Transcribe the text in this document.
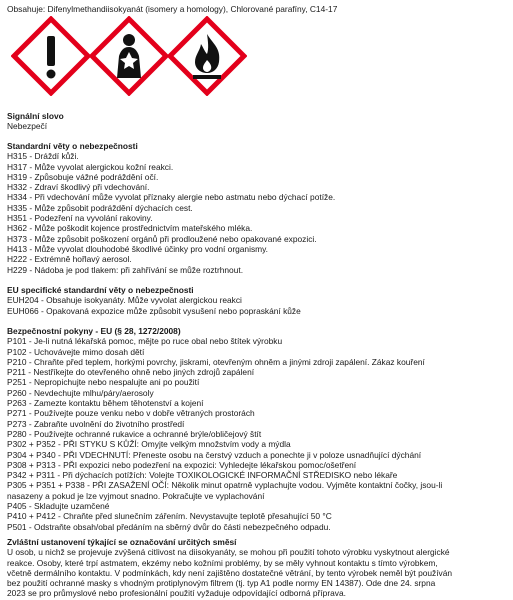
Obsahuje: Difenylmethandiisokyanát (isomery a homology), Chlorované parafíny, C14-17
Signální slovo
Nebezpečí
Standardní věty o nebezpečnosti
H315 - Dráždí kůži.
H317 - Může vyvolat alergickou kožní reakci.
H319 - Způsobuje vážné podráždění očí.
H332 - Zdraví škodlivý při vdechování.
H334 - Při vdechování může vyvolat příznaky alergie nebo astmatu nebo dýchací potíže.
H335 - Může způsobit podráždění dýchacích cest.
H351 - Podezření na vyvolání rakoviny.
H362 - Může poškodit kojence prostřednictvím mateřského mléka.
H373 - Může způsobit poškození orgánů při prodloužené nebo opakované expozici.
H413 - Může vyvolat dlouhodobé škodlivé účinky pro vodní organismy.
H222 - Extrémně hořlavý aerosol.
H229 - Nádoba je pod tlakem: při zahřívání se může roztrhnout.
EU specifické standardní věty o nebezpečnosti
EUH204 - Obsahuje isokyanáty. Může vyvolat alergickou reakci
EUH066 - Opakovaná expozice může způsobit vysušení nebo popraskání kůže
Bezpečnostní pokyny - EU (§ 28, 1272/2008)
P101 - Je-li nutná lékařská pomoc, mějte po ruce obal nebo štítek výrobku
P102 - Uchovávejte mimo dosah dětí
P210 - Chraňte před teplem, horkými povrchy, jiskrami, otevřeným ohněm a jinými zdroji zapálení. Zákaz kouření
P211 - Nestříkejte do otevřeného ohně nebo jiných zdrojů zapálení
P251 - Nepropichujte nebo nespalujte ani po použití
P260 - Nevdechujte mlhu/páry/aerosoly
P263 - Zamezte kontaktu během těhotenství a kojení
P271 - Používejte pouze venku nebo v dobře větraných prostorách
P273 - Zabraňte uvolnění do životního prostředí
P280 - Používejte ochranné rukavice a ochranné brýle/obličejový štít
P302 + P352 - PŘI STYKU S KŮŽÍ: Omyjte velkým množstvím vody a mýdla
P304 + P340 - PŘI VDECHNUTÍ: Přeneste osobu na čerstvý vzduch a ponechte ji v poloze usnadňující dýchání
P308 + P313 - PŘI expozici nebo podezření na expozici: Vyhledejte lékařskou pomoc/ošetření
P342 + P311 - Při dýchacích potížích: Volejte TOXIKOLOGICKÉ INFORMAČNÍ STŘEDISKO nebo lékaře
P305 + P351 + P338 - PŘI ZASAŽENÍ OČÍ: Několik minut opatrně vyplachujte vodou. Vyjměte kontaktní čočky, jsou-li
nasazeny a pokud je lze vyjmout snadno. Pokračujte ve vyplachování
P405 - Skladujte uzamčené
P410 + P412 - Chraňte před slunečním zářením. Nevystavujte teplotě přesahující 50 °C
P501 - Odstraňte obsah/obal předáním na sběrný dvůr do části nebezpečného odpadu.
Zvláštní ustanovení týkající se označování určitých směsí
U osob, u nichž se projevuje zvýšená citlivost na diisokyanáty, se mohou při použití tohoto výrobku vyskytnout alergické
reakce. Osoby, které trpí astmatem, ekzémy nebo kožními problémy, by se měly vyhnout kontaktu s tímto výrobkem,
včetně dermálního kontaktu. V podmínkách, kdy není zajištěno dostatečné větrání, by tento výrobek neměl být používán
bez použití ochranné masky s vhodným protiplynovým filtrem (tj. typ A1 podle normy EN 14387). Ode dne 24. srpna
2023 se pro průmyslové nebo profesionální použití vyžaduje odpovídající odborná příprava.
